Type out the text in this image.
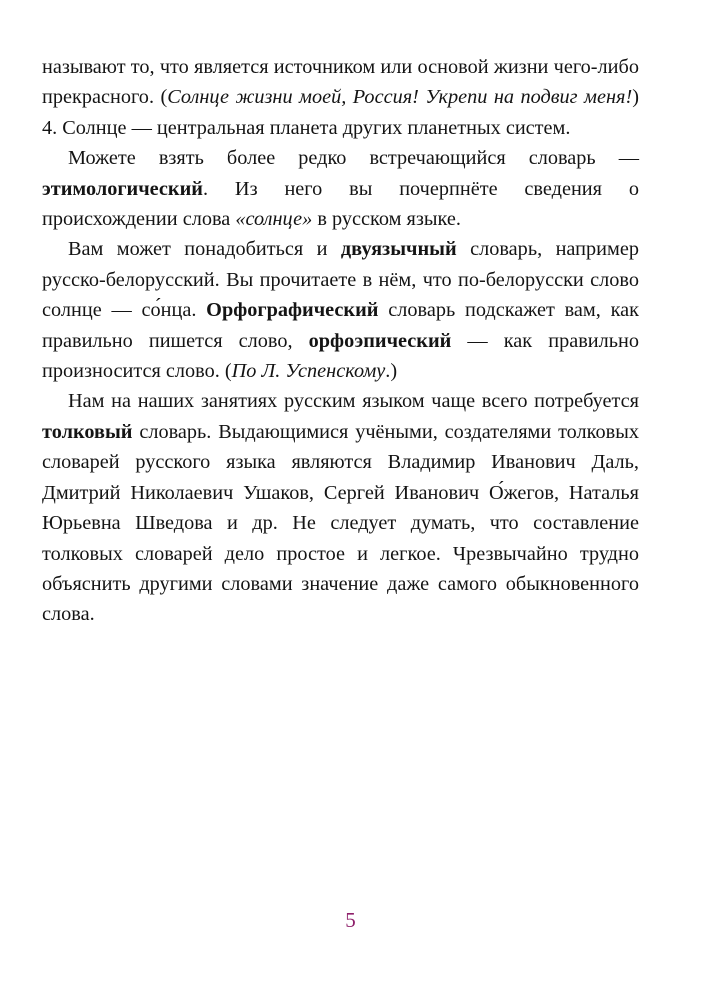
называют то, что является источником или основой жизни чего-либо прекрасного. (Солнце жизни моей, Россия! Укрепи на подвиг меня!) 4. Солнце — центральная планета других планетных систем.

Можете взять более редко встречающийся словарь — этимологический. Из него вы почерпнёте сведения о происхождении слова «солнце» в русском языке.

Вам может понадобиться и двуязычный словарь, например русско-белорусский. Вы прочитаете в нём, что по-белорусски слово солнце — со́нца. Орфографический словарь подскажет вам, как правильно пишется слово, орфоэпический — как правильно произносится слово. (По Л. Успенскому.)

Нам на наших занятиях русским языком чаще всего потребуется толковый словарь. Выдающимися учёными, создателями толковых словарей русского языка являются Владимир Иванович Даль, Дмитрий Николаевич Ушаков, Сергей Иванович О́жегов, Наталья Юрьевна Шведова и др. Не следует думать, что составление толковых словарей дело простое и легкое. Чрезвычайно трудно объяснить другими словами значение даже самого обыкновенного слова.

5
